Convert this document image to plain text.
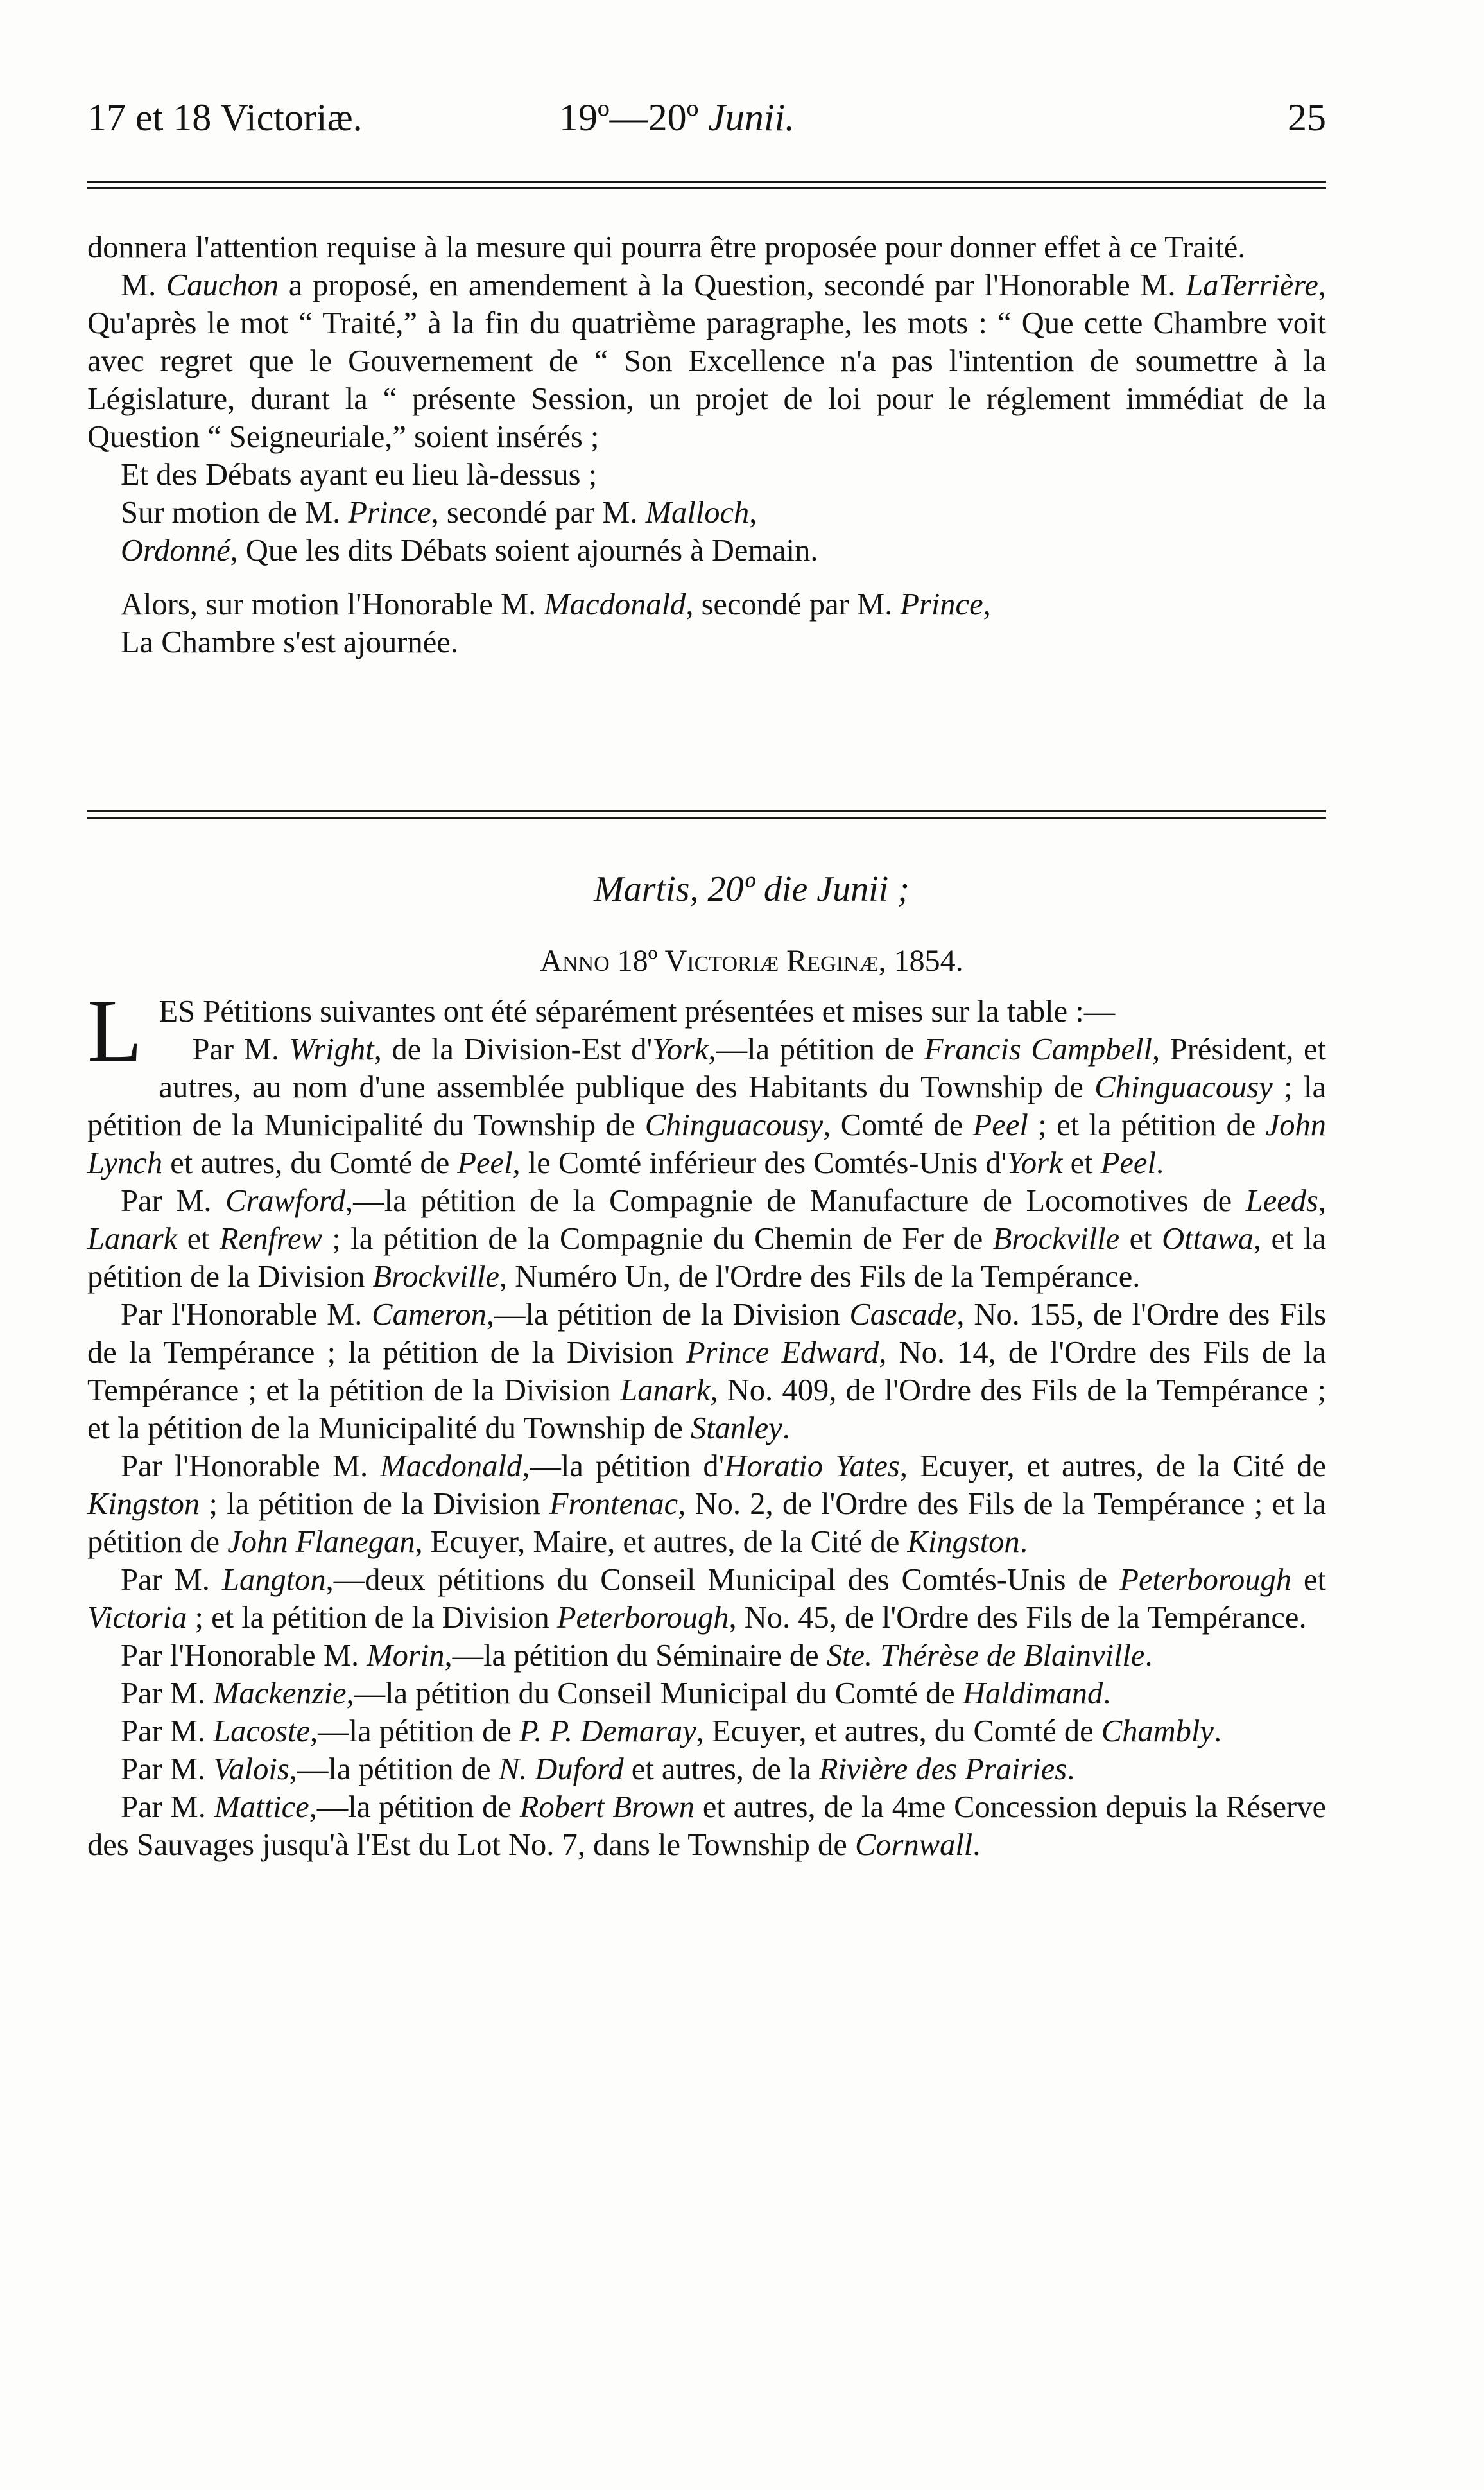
17 et 18 Victoriæ.	19º—20º Junii.	25

donnera l'attention requise à la mesure qui pourra être proposée pour donner effet à ce Traité.

M. Cauchon a proposé, en amendement à la Question, secondé par l'Honorable M. LaTerrière, Qu'après le mot “ Traité,” à la fin du quatrième paragraphe, les mots : “ Que cette Chambre voit avec regret que le Gouvernement de “ Son Excellence n'a pas l'intention de soumettre à la Législature, durant la “ présente Session, un projet de loi pour le réglement immédiat de la Question “ Seigneuriale,” soient insérés ;

Et des Débats ayant eu lieu là-dessus ;

Sur motion de M. Prince, secondé par M. Malloch,

Ordonné, Que les dits Débats soient ajournés à Demain.

Alors, sur motion l'Honorable M. Macdonald, secondé par M. Prince,

La Chambre s'est ajournée.

Martis, 20º die Junii ;
Anno 18º Victoriæ Reginæ, 1854.

LES Pétitions suivantes ont été séparément présentées et mises sur la table :—

Par M. Wright, de la Division-Est d'York,—la pétition de Francis Campbell, Président, et autres, au nom d'une assemblée publique des Habitants du Township de Chinguacousy ; la pétition de la Municipalité du Township de Chinguacousy, Comté de Peel ; et la pétition de John Lynch et autres, du Comté de Peel, le Comté inférieur des Comtés-Unis d'York et Peel.

Par M. Crawford,—la pétition de la Compagnie de Manufacture de Locomotives de Leeds, Lanark et Renfrew ; la pétition de la Compagnie du Chemin de Fer de Brockville et Ottawa, et la pétition de la Division Brockville, Numéro Un, de l'Ordre des Fils de la Tempérance.

Par l'Honorable M. Cameron,—la pétition de la Division Cascade, No. 155, de l'Ordre des Fils de la Tempérance ; la pétition de la Division Prince Edward, No. 14, de l'Ordre des Fils de la Tempérance ; et la pétition de la Division Lanark, No. 409, de l'Ordre des Fils de la Tempérance ; et la pétition de la Municipalité du Township de Stanley.

Par l'Honorable M. Macdonald,—la pétition d'Horatio Yates, Ecuyer, et autres, de la Cité de Kingston ; la pétition de la Division Frontenac, No. 2, de l'Ordre des Fils de la Tempérance ; et la pétition de John Flanegan, Ecuyer, Maire, et autres, de la Cité de Kingston.

Par M. Langton,—deux pétitions du Conseil Municipal des Comtés-Unis de Peterborough et Victoria ; et la pétition de la Division Peterborough, No. 45, de l'Ordre des Fils de la Tempérance.

Par l'Honorable M. Morin,—la pétition du Séminaire de Ste. Thérèse de Blainville.

Par M. Mackenzie,—la pétition du Conseil Municipal du Comté de Haldimand.

Par M. Lacoste,—la pétition de P. P. Demaray, Ecuyer, et autres, du Comté de Chambly.

Par M. Valois,—la pétition de N. Duford et autres, de la Rivière des Prairies.

Par M. Mattice,—la pétition de Robert Brown et autres, de la 4me Concession depuis la Réserve des Sauvages jusqu'à l'Est du Lot No. 7, dans le Township de Cornwall.
